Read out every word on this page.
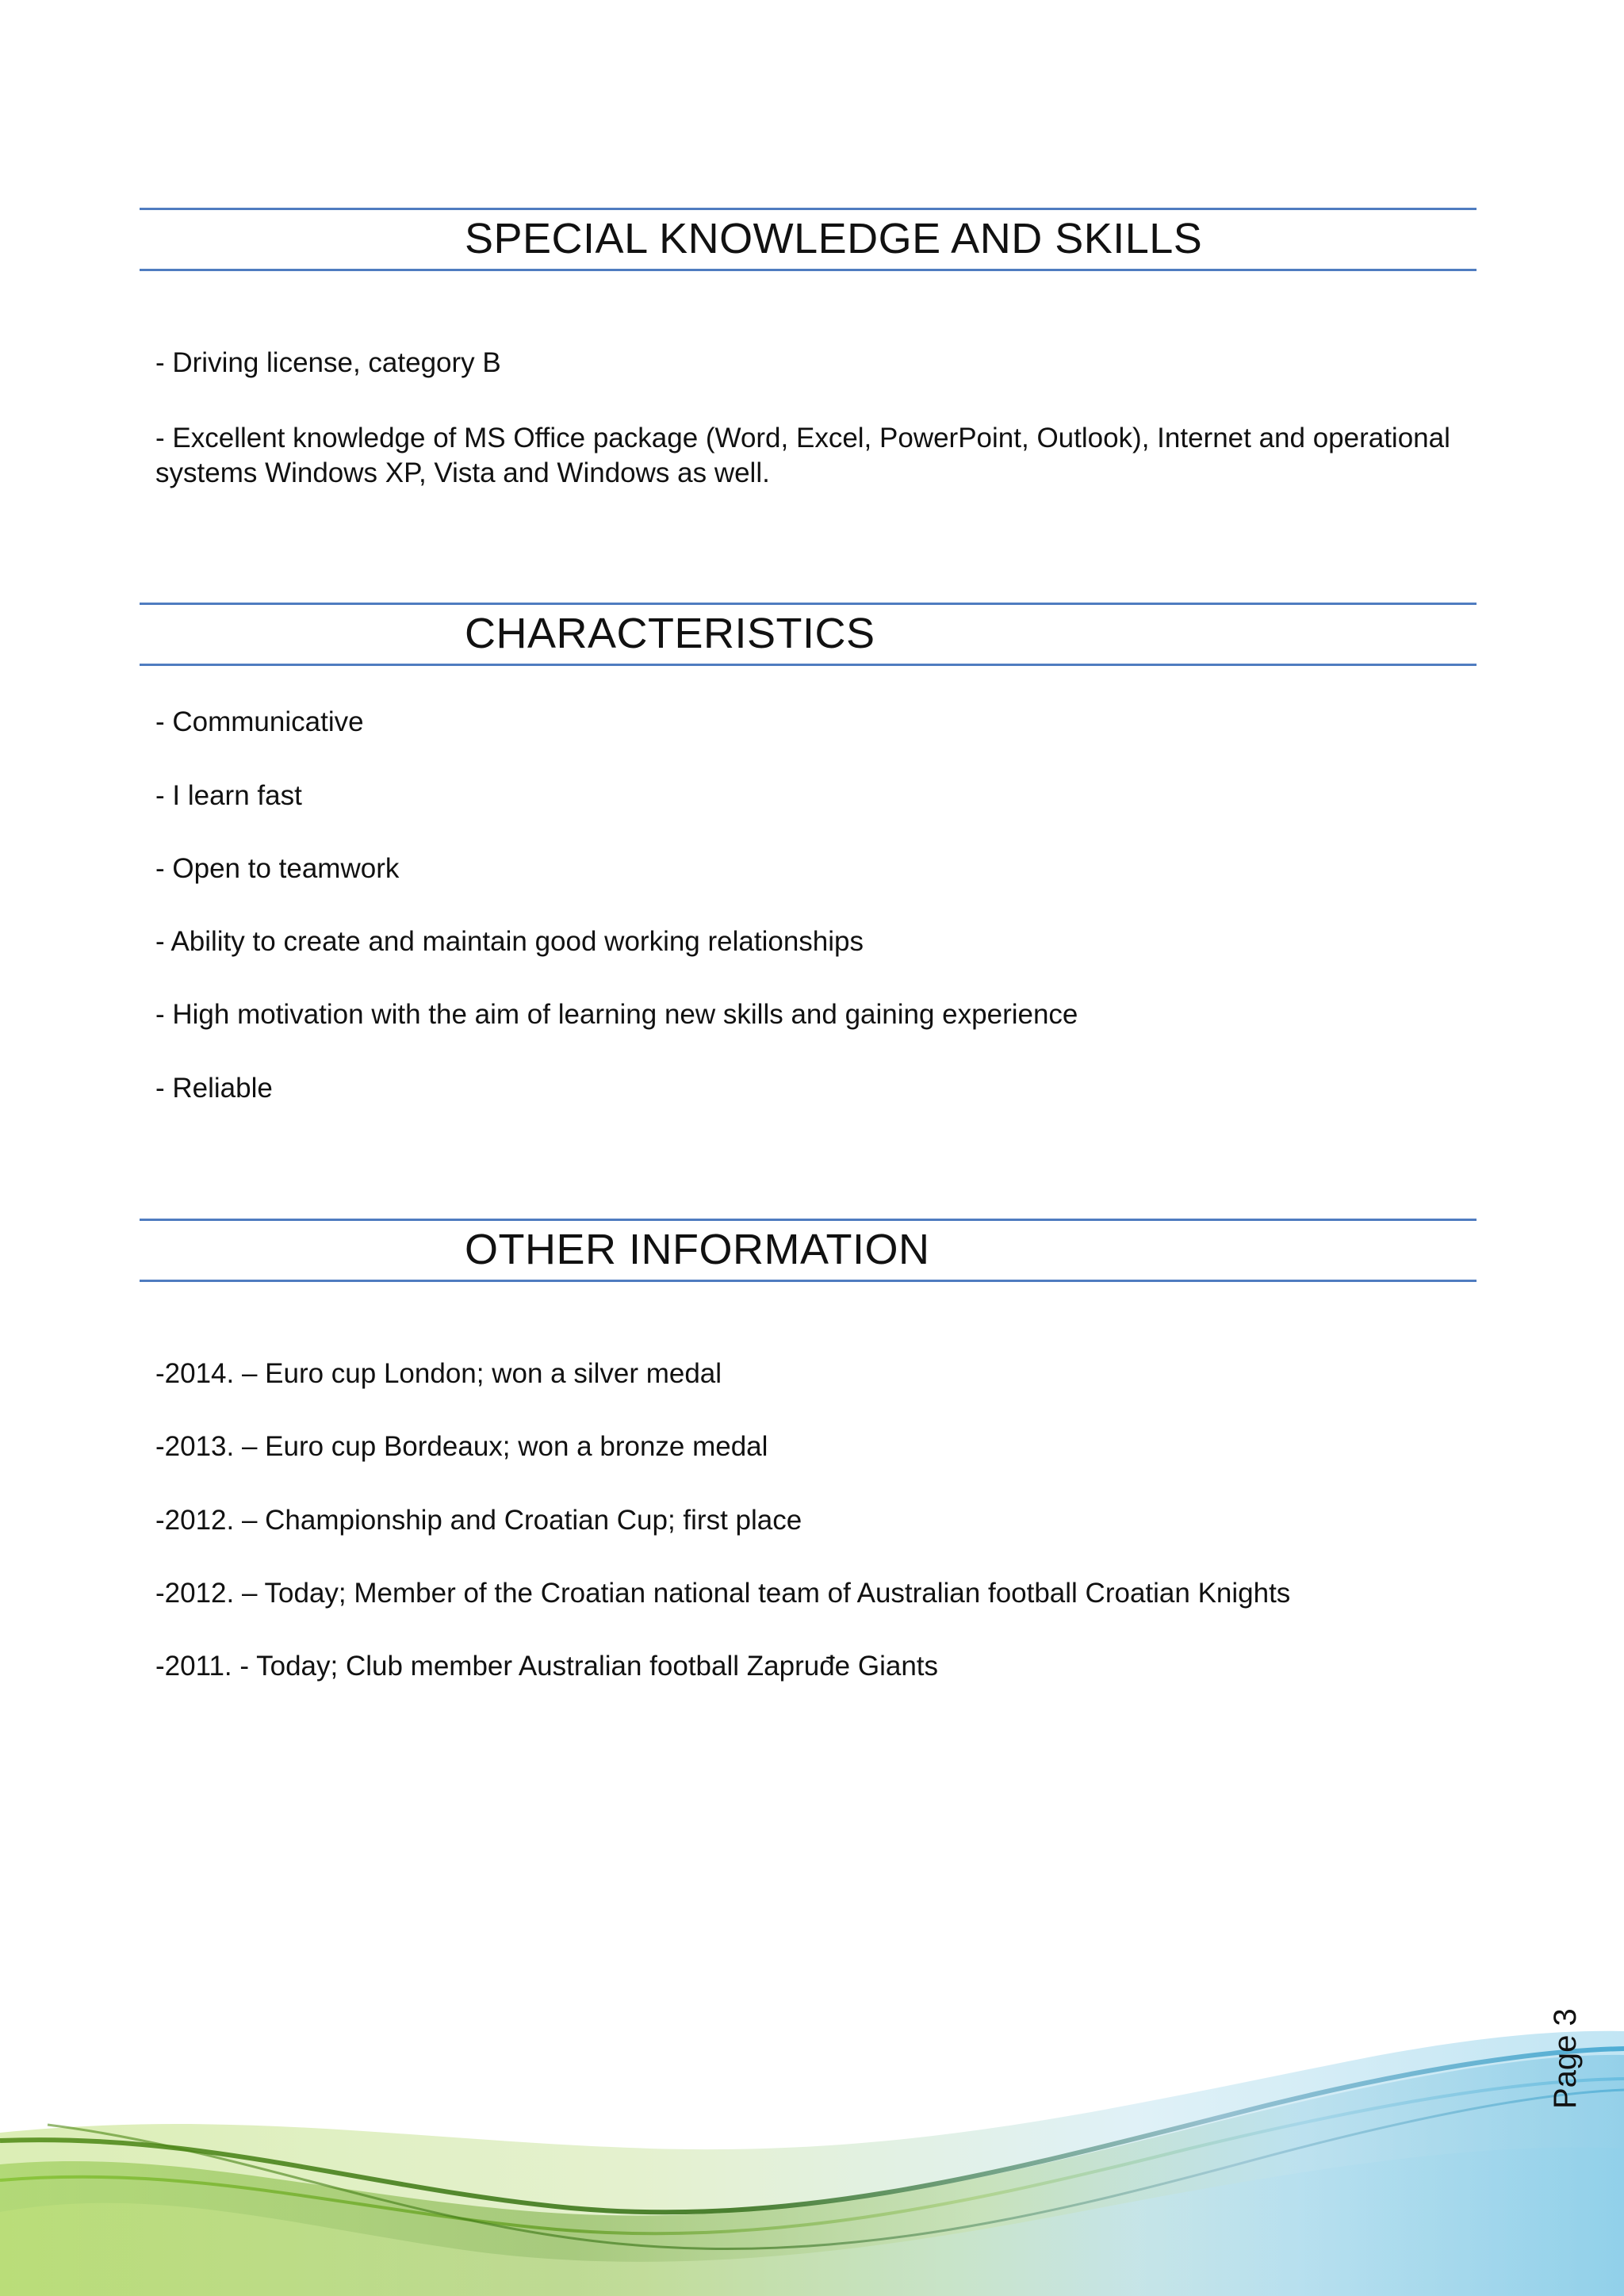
SPECIAL KNOWLEDGE AND SKILLS
- Driving license, category B
- Excellent knowledge of MS Office package (Word, Excel, PowerPoint, Outlook), Internet and operational
systems Windows XP, Vista and Windows as well.
CHARACTERISTICS
- Communicative
- I learn fast
- Open to teamwork
- Ability to create and maintain good working relationships
- High motivation with the aim of learning new skills and gaining experience
- Reliable
OTHER INFORMATION
-2014. – Euro cup London; won a silver medal
-2013. – Euro cup Bordeaux; won a bronze medal
-2012. – Championship and Croatian Cup; first place
-2012. – Today; Member of the Croatian national team of Australian football Croatian Knights
-2011. - Today; Club member Australian football Zapruđe Giants
Page 3
